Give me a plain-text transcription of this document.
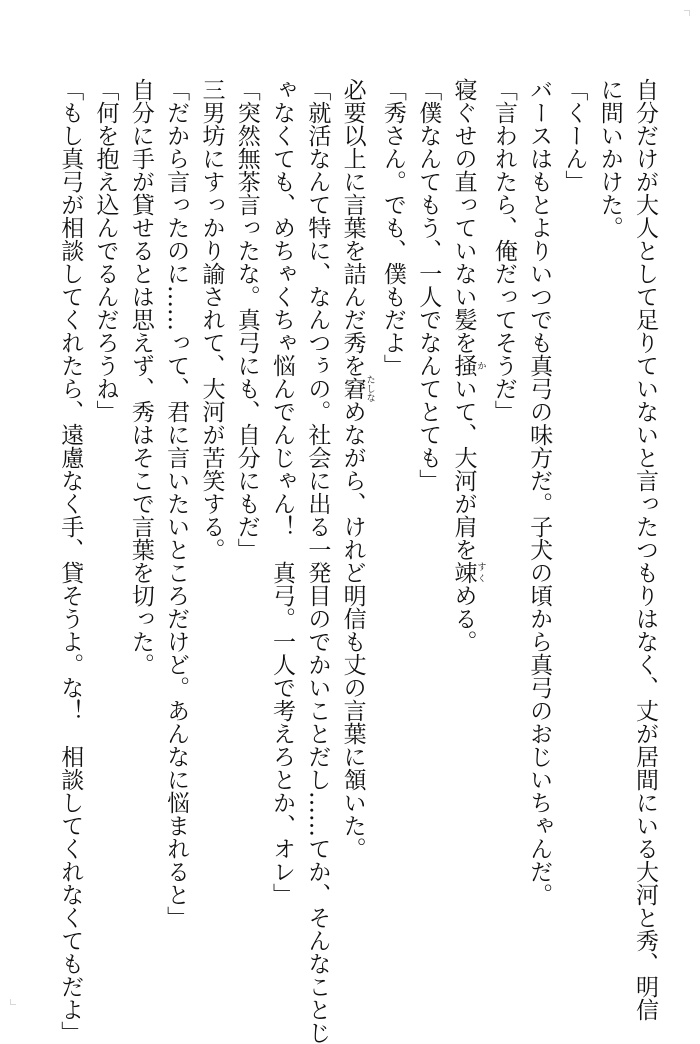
自分だけが大人として足りていないと言ったつもりはなく、丈が居間にいる大河と秀、明信

に問いかけた。

「くーん」

バースはもとよりいつでも真弓の味方だ。子犬の頃から真弓のおじいちゃんだ。

「言われたら、俺だってそうだ」

寝ぐせの直っていない髪を掻 かいて、大河が肩を竦 すくめる。

「僕なんてもう、一人でなんてとても」

「秀さん。でも、僕もだよ」

必要以上に言葉を詰んだ秀を窘 たしなめながら、けれど明信も丈の言葉に頷いた。

「就活なんて特に、なんつぅの。社会に出る一発目のでかいことだし……てか、そんなことじ

ゃなくても、めちゃくちゃ悩んでんじゃん！　真弓。一人で考えろとか、オレ」

「突然無茶言ったな。真弓にも、自分にもだ」

三男坊にすっかり諭されて、大河が苦笑する。

「だから言ったのに……って、君に言いたいところだけど。あんなに悩まれると」

自分に手が貸せるとは思えず、秀はそこで言葉を切った。

「何を抱え込んでるんだろうね」

「もし真弓が相談してくれたら、遠慮なく手、貸そうよ。な！　相談してくれなくてもだよ」
